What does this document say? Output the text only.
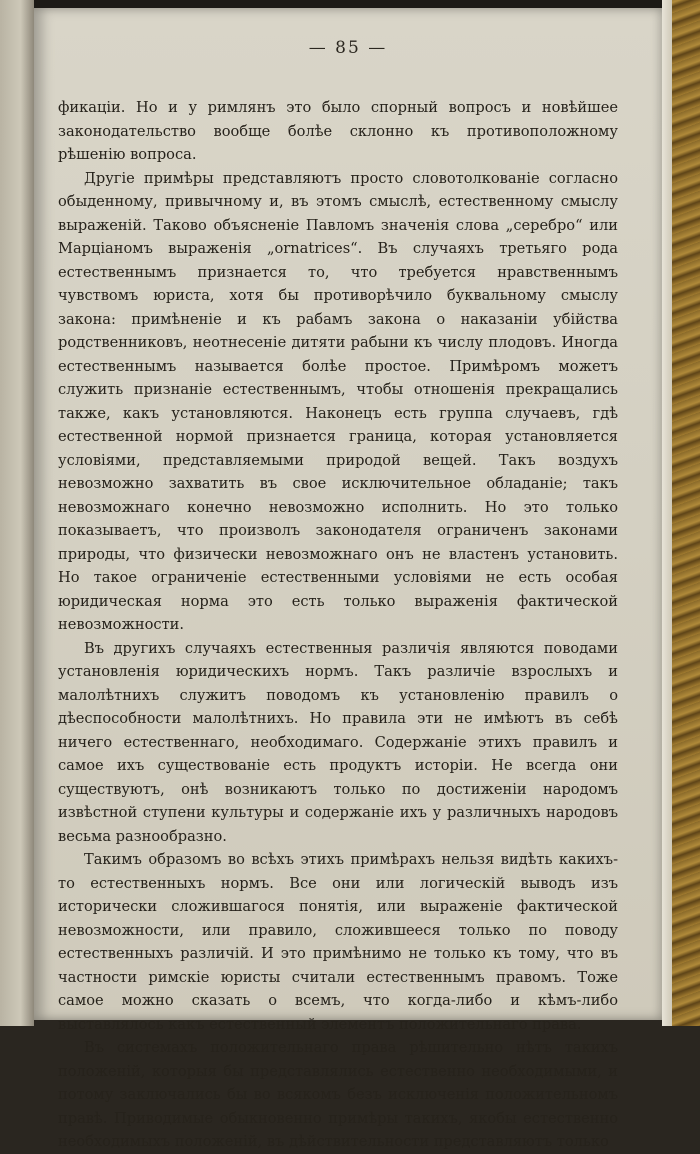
— 85 —

фикаціи. Но и у римлянъ это было спорный вопросъ и новѣйшее законодательство вообще болѣе склонно къ противоположному рѣшенію вопроса.

Другіе примѣры представляютъ просто словотолкованіе согласно обыденному, привычному и, въ этомъ смыслѣ, естественному смыслу выраженій. Таково объясненіе Павломъ значенія слова „серебро“ или Марціаномъ выраженія „ornatrices“. Въ случаяхъ третьяго рода естественнымъ признается то, что требуется нравственнымъ чувствомъ юриста, хотя бы противорѣчило буквальному смыслу закона: примѣненіе и къ рабамъ закона о наказаніи убійства родственниковъ, неотнесеніе дитяти рабыни къ числу плодовъ. Иногда естественнымъ называется болѣе простое. Примѣромъ можетъ служить признаніе естественнымъ, чтобы отношенія прекращались также, какъ установляются. Наконецъ есть группа случаевъ, гдѣ естественной нормой признается граница, которая установляется условіями, представляемыми природой вещей. Такъ воздухъ невозможно захватить въ свое исключительное обладаніе; такъ невозможнаго конечно невозможно исполнить. Но это только показываетъ, что произволъ законодателя ограниченъ законами природы, что физически невозможнаго онъ не властенъ установить. Но такое ограниченіе естественными условіями не есть особая юридическая норма это есть только выраженія фактической невозможности.

Въ другихъ случаяхъ естественныя различія являются поводами установленія юридическихъ нормъ. Такъ различіе взрослыхъ и малолѣтнихъ служитъ поводомъ къ установленію правилъ о дѣеспособности малолѣтнихъ. Но правила эти не имѣютъ въ себѣ ничего естественнаго, необходимаго. Содержаніе этихъ правилъ и самое ихъ существованіе есть продуктъ исторіи. Не всегда они существуютъ, онѣ возникаютъ только по достиженіи народомъ извѣстной ступени культуры и содержаніе ихъ у различныхъ народовъ весьма разнообразно.

Такимъ образомъ во всѣхъ этихъ примѣрахъ нельзя видѣть какихъ-то естественныхъ нормъ. Все они или логическій выводъ изъ исторически сложившагося понятія, или выраженіе фактической невозможности, или правило, сложившееся только по поводу естественныхъ различій. И это примѣнимо не только къ тому, что въ частности римскіе юристы считали естественнымъ правомъ. Тоже самое можно сказать о всемъ, что когда-либо и кѣмъ-либо выставлялось какъ естественный элементъ положительнаго права.

Въ системахъ положительнаго права рѣшительно нѣтъ такихъ положеній, которыя бы представлялись естественно необходимыми, и потому заключались бы во всякомъ безъ исключенія положительномъ правѣ. Приводимые обыкновенно примѣры такихъ, якобы естественно необходимыхъ положеній, въ дѣйствительности представляютъ только
